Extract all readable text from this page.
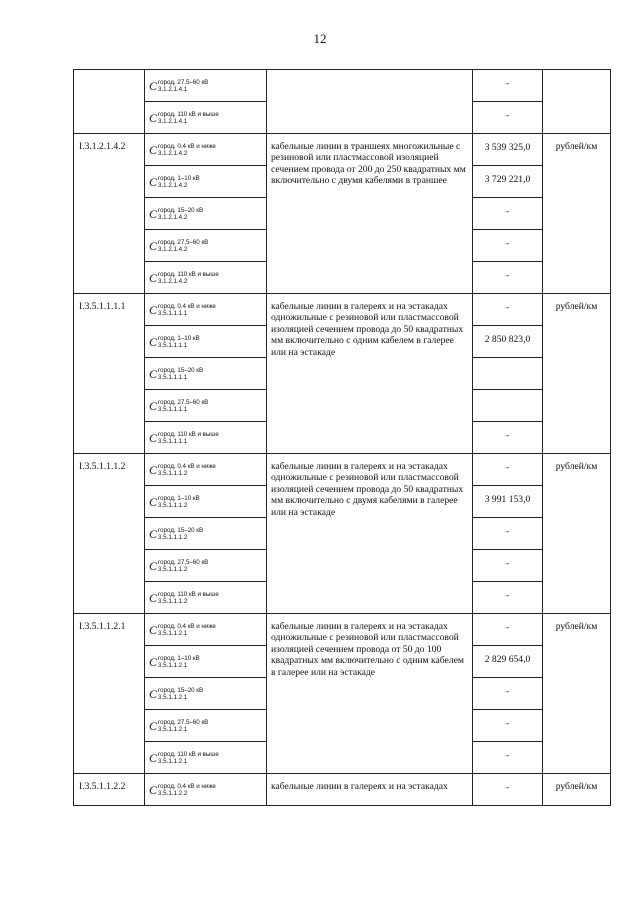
12

	C город, 27,5–60 кВ
3.1.2.1.4.1		-	

	C город, 110 кВ и выше
3.1.2.1.4.1		-	
I.3.1.2.1.4.2	C город, 0,4 кВ и ниже
3.1.2.1.4.2	кабельные линии в траншеях многожильные с резиновой или пластмассовой изоляцией сечением провода от 200 до 250 квадратных мм включительно с двумя кабелями в траншее	3 539 325,0	рублей/км

	C город, 1–10 кВ
3.1.2.1.4.2		3 729 221,0	

	C город, 15–20 кВ
3.1.2.1.4.2		-	

	C город, 27,5–60 кВ
3.1.2.1.4.2		-	

	C город, 110 кВ и выше
3.1.2.1.4.2		-	
I.3.5.1.1.1.1	C город, 0,4 кВ и ниже
3.5.1.1.1.1	кабельные линии в галереях и на эстакадах одножильные с резиновой или пластмассовой изоляцией сечением провода до 50 квадратных мм включительно с одним кабелем в галерее или на эстакаде	-	рублей/км

	C город, 1–10 кВ
3.5.1.1.1.1		2 850 823,0	

	C город, 15–20 кВ
3.5.1.1.1.1			

	C город, 27,5–60 кВ
3.5.1.1.1.1			

	C город, 110 кВ и выше
3.5.1.1.1.1		-	
I.3.5.1.1.1.2	C город, 0,4 кВ и ниже
3.5.1.1.1.2	кабельные линии в галереях и на эстакадах одножильные с резиновой или пластмассовой изоляцией сечением провода до 50 квадратных мм включительно с двумя кабелями в галерее или на эстакаде	-	рублей/км

	C город, 1–10 кВ
3.5.1.1.1.2		3 991 153,0	

	C город, 15–20 кВ
3.5.1.1.1.2		-	

	C город, 27,5–60 кВ
3.5.1.1.1.2		-	

	C город, 110 кВ и выше
3.5.1.1.1.2		-	
I.3.5.1.1.2.1	C город, 0,4 кВ и ниже
3.5.1.1.2.1	кабельные линии в галереях и на эстакадах одножильные с резиновой или пластмассовой изоляцией сечением провода от 50 до 100 квадратных мм включительно с одним кабелем в галерее или на эстакаде	-	рублей/км

	C город, 1–10 кВ
3.5.1.1.2.1		2 829 654,0	

	C город, 15–20 кВ
3.5.1.1.2.1		-	

	C город, 27,5–60 кВ
3.5.1.1.2.1		-	

	C город, 110 кВ и выше
3.5.1.1.2.1		-	
I.3.5.1.1.2.2	C город, 0,4 кВ и ниже
3.5.1.1.2.2	кабельные линии в галереях и на эстакадах	-	рублей/км
